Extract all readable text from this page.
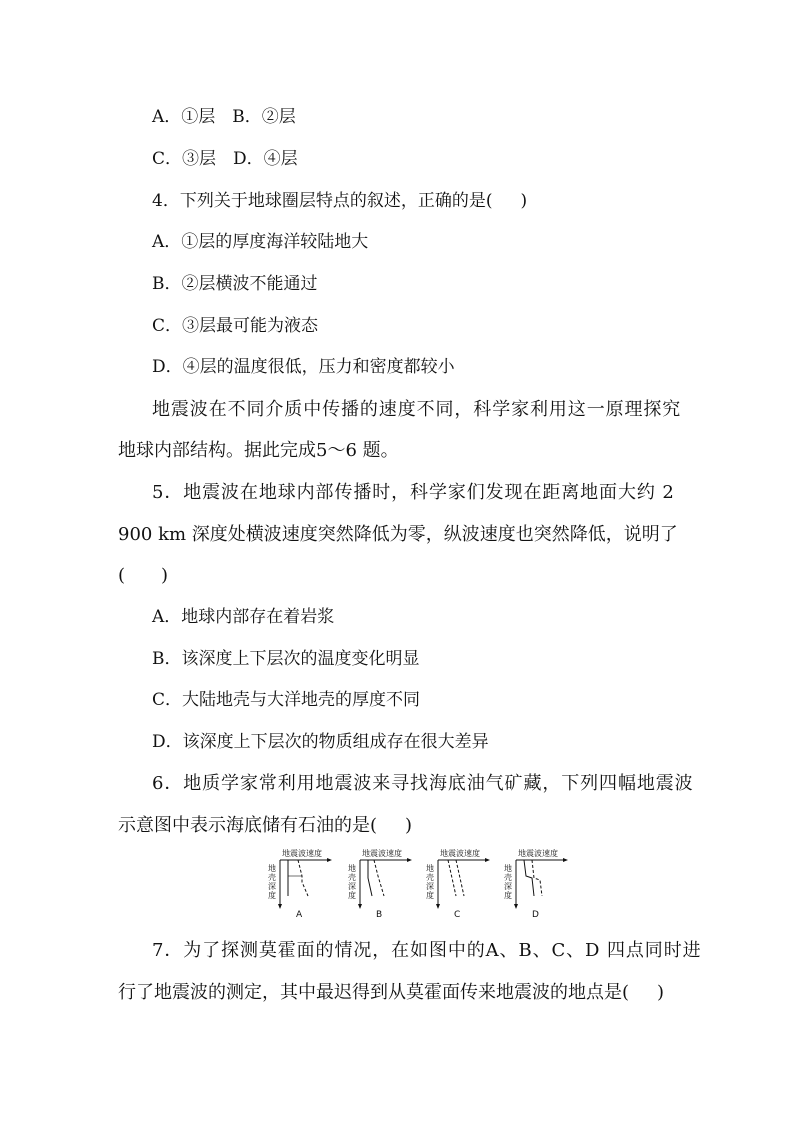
A．①层　B．②层
C．③层　D．④层
4．下列关于地球圈层特点的叙述，正确的是( )
A．①层的厚度海洋较陆地大
B．②层横波不能通过
C．③层最可能为液态
D．④层的温度很低，压力和密度都较小
地震波在不同介质中传播的速度不同，科学家利用这一原理探究
地球内部结构。据此完成5～6 题。
5．地震波在地球内部传播时，科学家们发现在距离地面大约 2
900 km 深度处横波速度突然降低为零，纵波速度也突然降低，说明了
(　　)
A．地球内部存在着岩浆
B．该深度上下层次的温度变化明显
C．大陆地壳与大洋地壳的厚度不同
D．该深度上下层次的物质组成存在很大差异
6．地质学家常利用地震波来寻找海底油气矿藏，下列四幅地震波
示意图中表示海底储有石油的是( )
地震波速度
地壳深度
A
地震波速度
地壳深度
B
地震波速度
地壳深度
C
地震波速度
地壳深度
D
7．为了探测莫霍面的情况，在如图中的A、B、C、D 四点同时进
行了地震波的测定，其中最迟得到从莫霍面传来地震波的地点是( )
